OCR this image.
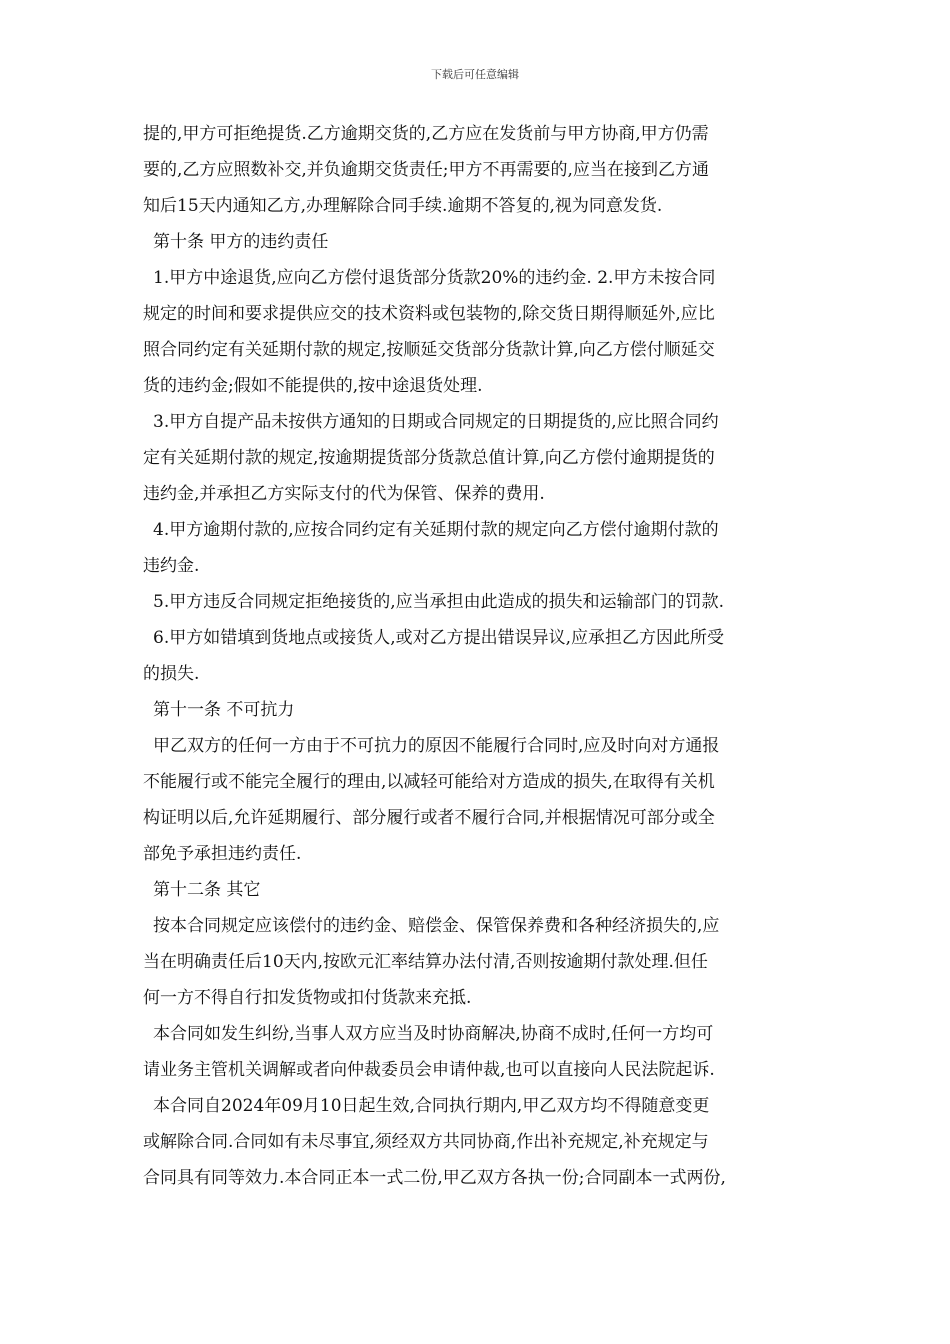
下载后可任意编辑
提的,甲方可拒绝提货.乙方逾期交货的,乙方应在发货前与甲方协商,甲方仍需
要的,乙方应照数补交,并负逾期交货责任;甲方不再需要的,应当在接到乙方通
知后15天内通知乙方,办理解除合同手续.逾期不答复的,视为同意发货.
第十条 甲方的违约责任
1.甲方中途退货,应向乙方偿付退货部分货款20%的违约金. 2.甲方未按合同
规定的时间和要求提供应交的技术资料或包装物的,除交货日期得顺延外,应比
照合同约定有关延期付款的规定,按顺延交货部分货款计算,向乙方偿付顺延交
货的违约金;假如不能提供的,按中途退货处理.
3.甲方自提产品未按供方通知的日期或合同规定的日期提货的,应比照合同约
定有关延期付款的规定,按逾期提货部分货款总值计算,向乙方偿付逾期提货的
违约金,并承担乙方实际支付的代为保管、保养的费用.
4.甲方逾期付款的,应按合同约定有关延期付款的规定向乙方偿付逾期付款的
违约金.
5.甲方违反合同规定拒绝接货的,应当承担由此造成的损失和运输部门的罚款.
6.甲方如错填到货地点或接货人,或对乙方提出错误异议,应承担乙方因此所受
的损失.
第十一条 不可抗力
甲乙双方的任何一方由于不可抗力的原因不能履行合同时,应及时向对方通报
不能履行或不能完全履行的理由,以减轻可能给对方造成的损失,在取得有关机
构证明以后,允许延期履行、部分履行或者不履行合同,并根据情况可部分或全
部免予承担违约责任.
第十二条 其它
按本合同规定应该偿付的违约金、赔偿金、保管保养费和各种经济损失的,应
当在明确责任后10天内,按欧元汇率结算办法付清,否则按逾期付款处理.但任
何一方不得自行扣发货物或扣付货款来充抵.
本合同如发生纠纷,当事人双方应当及时协商解决,协商不成时,任何一方均可
请业务主管机关调解或者向仲裁委员会申请仲裁,也可以直接向人民法院起诉.
本合同自2024年09月10日起生效,合同执行期内,甲乙双方均不得随意变更
或解除合同.合同如有未尽事宜,须经双方共同协商,作出补充规定,补充规定与
合同具有同等效力.本合同正本一式二份,甲乙双方各执一份;合同副本一式两份,
